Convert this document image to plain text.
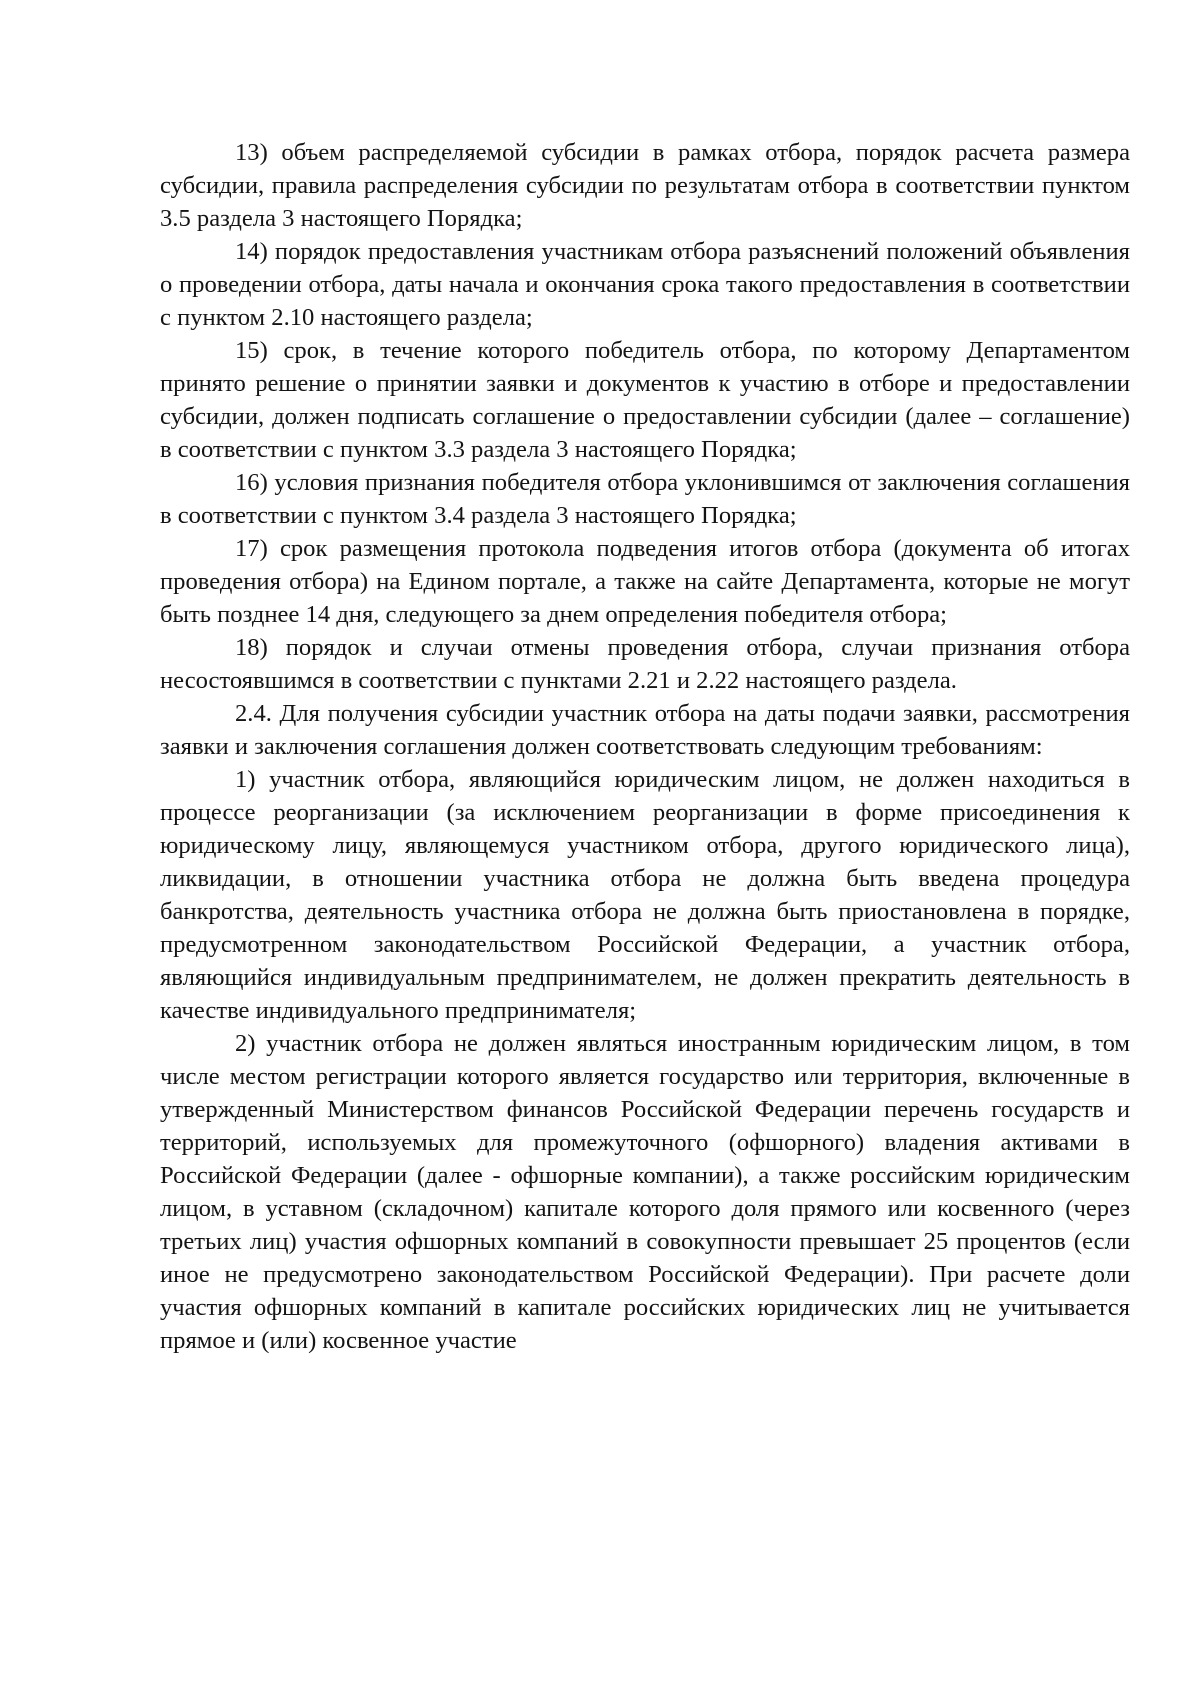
13) объем распределяемой субсидии в рамках отбора, порядок расчета размера субсидии, правила распределения субсидии по результатам отбора в соответствии пунктом 3.5 раздела 3 настоящего Порядка;

14) порядок предоставления участникам отбора разъяснений положений объявления о проведении отбора, даты начала и окончания срока такого предоставления в соответствии с пунктом 2.10 настоящего раздела;

15) срок, в течение которого победитель отбора, по которому Департаментом принято решение о принятии заявки и документов к участию в отборе и предоставлении субсидии, должен подписать соглашение о предоставлении субсидии (далее – соглашение) в соответствии с пунктом 3.3 раздела 3 настоящего Порядка;

16) условия признания победителя отбора уклонившимся от заключения соглашения в соответствии с пунктом 3.4 раздела 3 настоящего Порядка;

17) срок размещения протокола подведения итогов отбора (документа об итогах проведения отбора) на Едином портале, а также на сайте Департамента, которые не могут быть позднее 14 дня, следующего за днем определения победителя отбора;

18) порядок и случаи отмены проведения отбора, случаи признания отбора несостоявшимся в соответствии с пунктами 2.21 и 2.22 настоящего раздела.

2.4. Для получения субсидии участник отбора на даты подачи заявки, рассмотрения заявки и заключения соглашения должен соответствовать следующим требованиям:

1) участник отбора, являющийся юридическим лицом, не должен находиться в процессе реорганизации (за исключением реорганизации в форме присоединения к юридическому лицу, являющемуся участником отбора, другого юридического лица), ликвидации, в отношении участника отбора не должна быть введена процедура банкротства, деятельность участника отбора не должна быть приостановлена в порядке, предусмотренном законодательством Российской Федерации, а участник отбора, являющийся индивидуальным предпринимателем, не должен прекратить деятельность в качестве индивидуального предпринимателя;

2) участник отбора не должен являться иностранным юридическим лицом, в том числе местом регистрации которого является государство или территория, включенные в утвержденный Министерством финансов Российской Федерации перечень государств и территорий, используемых для промежуточного (офшорного) владения активами в Российской Федерации (далее - офшорные компании), а также российским юридическим лицом, в уставном (складочном) капитале которого доля прямого или косвенного (через третьих лиц) участия офшорных компаний в совокупности превышает 25 процентов (если иное не предусмотрено законодательством Российской Федерации). При расчете доли участия офшорных компаний в капитале российских юридических лиц не учитывается прямое и (или) косвенное участие
